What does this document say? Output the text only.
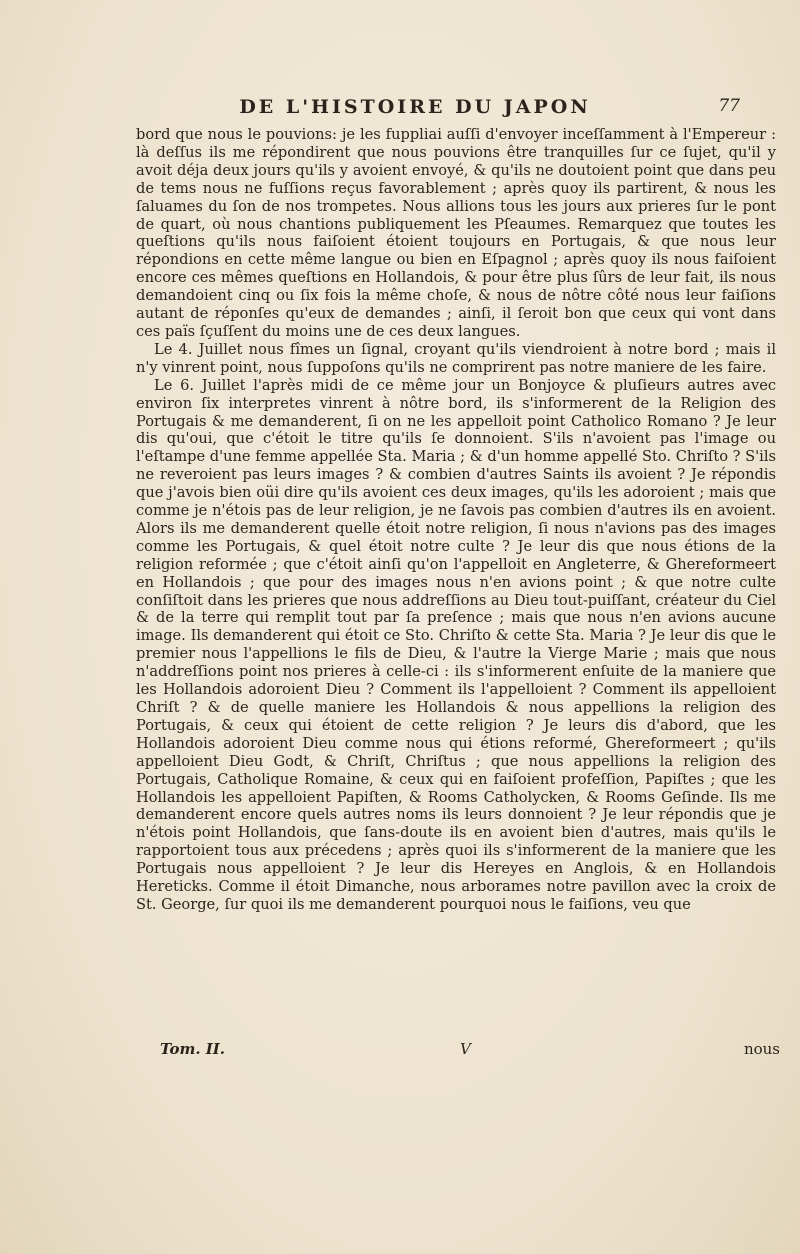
DE L'HISTOIRE DU JAPON	77

bord que nous le pouvions: je les fuppliai auſſi d'envoyer inceſſamment à l'Empereur : là deſſus ils me répondirent que nous pouvions être tranquilles ſur ce ſujet, qu'il y avoit déja deux jours qu'ils y avoient envoyé, & qu'ils ne doutoient point que dans peu de tems nous ne fuſſions reçus favorablement ; après quoy ils partirent, & nous les ſaluames du ſon de nos trompetes. Nous allions tous les jours aux prieres ſur le pont de quart, où nous chantions publiquement les Pſeaumes. Remarquez que toutes les queſtions qu'ils nous faiſoient étoient toujours en Portugais, & que nous leur répondions en cette même langue ou bien en Eſpagnol ; après quoy ils nous faiſoient encore ces mêmes queſtions en Hollandois, & pour être plus ſûrs de leur fait, ils nous demandoient cinq ou ſix fois la même choſe, & nous de nôtre côté nous leur faiſions autant de réponſes qu'eux de demandes ; ainſi, il ſeroit bon que ceux qui vont dans ces païs ſçuſſent du moins une de ces deux langues.

Le 4. Juillet nous fîmes un ſignal, croyant qu'ils viendroient à notre bord ; mais il n'y vinrent point, nous ſuppoſons qu'ils ne comprirent pas notre maniere de les faire.

Le 6. Juillet l'après midi de ce même jour un Bonjoyce & pluſieurs autres avec environ ſix interpretes vinrent à nôtre bord, ils s'informerent de la Religion des Portugais & me demanderent, ſi on ne les appelloit point Catholico Romano ? Je leur dis qu'oui, que c'étoit le titre qu'ils ſe donnoient. S'ils n'avoient pas l'image ou l'eſtampe d'une femme appellée Sta. Maria ; & d'un homme appellé Sto. Chriſto ? S'ils ne reveroient pas leurs images ? & combien d'autres Saints ils avoient ? Je répondis que j'avois bien oüi dire qu'ils avoient ces deux images, qu'ils les adoroient ; mais que comme je n'étois pas de leur religion, je ne ſavois pas combien d'autres ils en avoient. Alors ils me demanderent quelle étoit notre religion, ſi nous n'avions pas des images comme les Portugais, & quel étoit notre culte ? Je leur dis que nous étions de la religion reformée ; que c'étoit ainſi qu'on l'appelloit en Angleterre, & Ghereformeert en Hollandois ; que pour des images nous n'en avions point ; & que notre culte conſiſtoit dans les prieres que nous addreſſions au Dieu tout-puiſſant, créateur du Ciel & de la terre qui remplit tout par ſa preſence ; mais que nous n'en avions aucune image. Ils demanderent qui étoit ce Sto. Chriſto & cette Sta. Maria ? Je leur dis que le premier nous l'appellions le fils de Dieu, & l'autre la Vierge Marie ; mais que nous n'addreſſions point nos prieres à celle-ci : ils s'informerent enſuite de la maniere que les Hollandois adoroient Dieu ? Comment ils l'appelloient ? Comment ils appelloient Chriſt ? & de quelle maniere les Hollandois & nous appellions la religion des Portugais, & ceux qui étoient de cette religion ? Je leurs dis d'abord, que les Hollandois adoroient Dieu comme nous qui étions reformé, Ghereformeert ; qu'ils appelloient Dieu Godt, & Chriſt, Chriſtus ; que nous appellions la religion des Portugais, Catholique Romaine, & ceux qui en faiſoient profeſſion, Papiſtes ; que les Hollandois les appelloient Papiſten, & Rooms Catholycken, & Rooms Geſinde. Ils me demanderent encore quels autres noms ils leurs donnoient ? Je leur répondis que je n'étois point Hollandois, que ſans-doute ils en avoient bien d'autres, mais qu'ils le rapportoient tous aux précedens ; après quoi ils s'informerent de la maniere que les Portugais nous appelloient ? Je leur dis Hereyes en Anglois, & en Hollandois Hereticks. Comme il étoit Dimanche, nous arborames notre pavillon avec la croix de St. George, ſur quoi ils me demanderent pourquoi nous le faiſions, veu que

Tom. II.	V	nous
